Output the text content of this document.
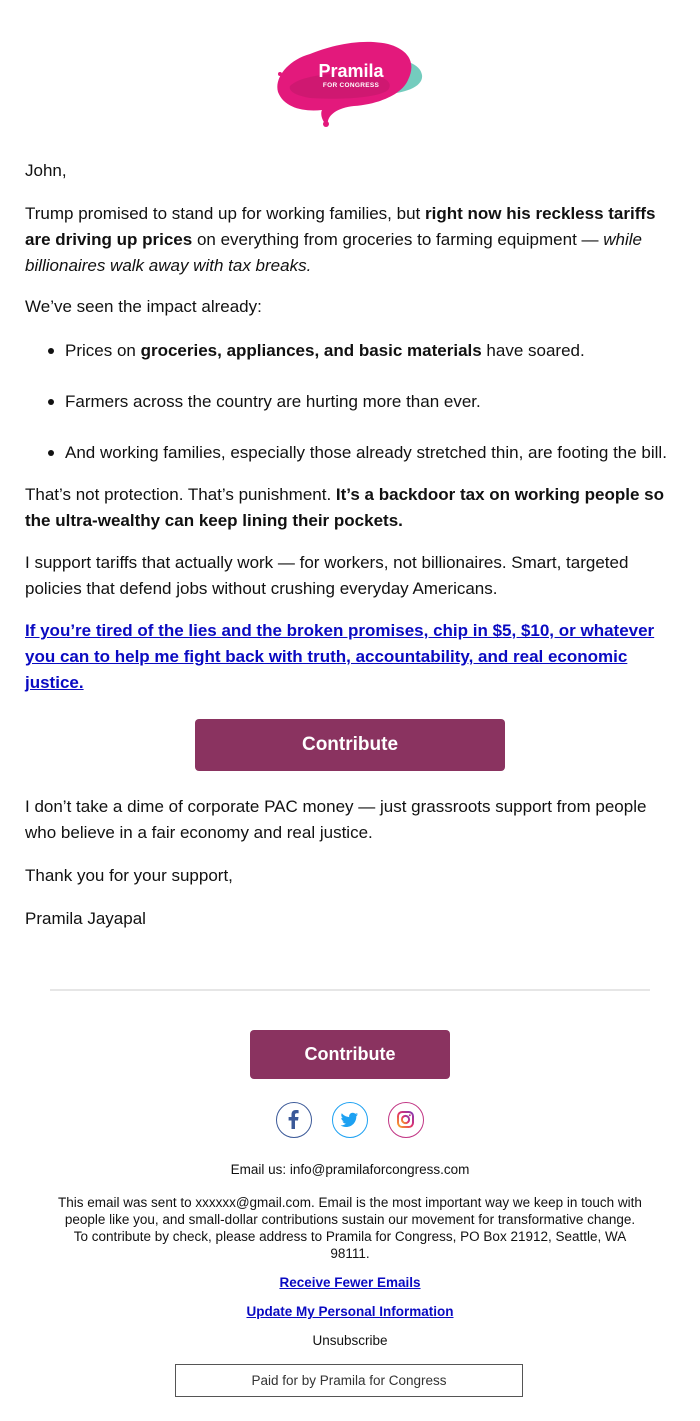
Pramila
FOR CONGRESS

John,

Trump promised to stand up for working families, but right now his reckless tariffs are driving up prices on everything from groceries to farming equipment — while billionaires walk away with tax breaks.

We’ve seen the impact already:

Prices on groceries, appliances, and basic materials have soared.
Farmers across the country are hurting more than ever.
And working families, especially those already stretched thin, are footing the bill.

That’s not protection. That’s punishment. It’s a backdoor tax on working people so the ultra-wealthy can keep lining their pockets.

I support tariffs that actually work — for workers, not billionaires. Smart, targeted policies that defend jobs without crushing everyday Americans.

If you’re tired of the lies and the broken promises, chip in $5, $10, or whatever you can to help me fight back with truth, accountability, and real economic justice.

I don’t take a dime of corporate PAC money — just grassroots support from people who believe in a fair economy and real justice.

Thank you for your support,

Pramila Jayapal

Contribute
Contribute
Email us: info@pramilaforcongress.com
This email was sent to xxxxxx@gmail.com. Email is the most important way we keep in touch with people like you, and small-dollar contributions sustain our movement for transformative change. To contribute by check, please address to Pramila for Congress, PO Box 21912, Seattle, WA 98111.
Receive Fewer Emails
Update My Personal Information
Unsubscribe
Paid for by Pramila for Congress
